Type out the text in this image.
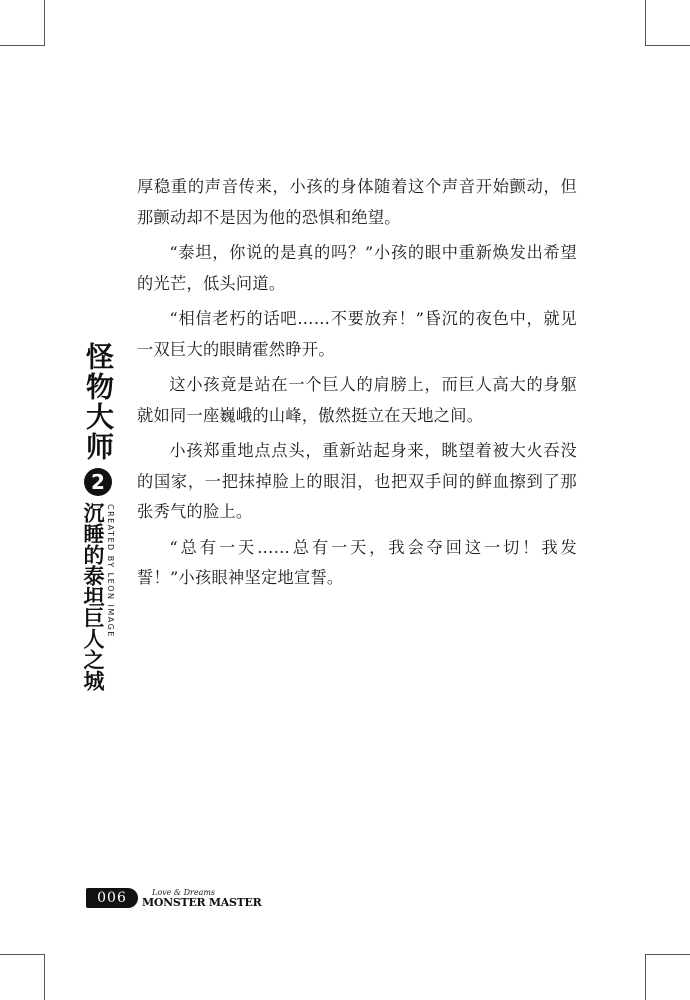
怪物大师
2
沉睡的泰坦巨人之城 CREATED BY LEON IMAGE

厚稳重的声音传来，小孩的身体随着这个声音开始颤动，但那颤动却不是因为他的恐惧和绝望。

“泰坦，你说的是真的吗？”小孩的眼中重新焕发出希望的光芒，低头问道。

“相信老朽的话吧……不要放弃！”昏沉的夜色中，就见一双巨大的眼睛霍然睁开。

这小孩竟是站在一个巨人的肩膀上，而巨人高大的身躯就如同一座巍峨的山峰，傲然挺立在天地之间。

小孩郑重地点点头，重新站起身来，眺望着被大火吞没的国家，一把抹掉脸上的眼泪，也把双手间的鲜血擦到了那张秀气的脸上。

“总有一天……总有一天，我会夺回这一切！我发誓！”小孩眼神坚定地宣誓。

006	Love & Dreams
MONSTER MASTER
